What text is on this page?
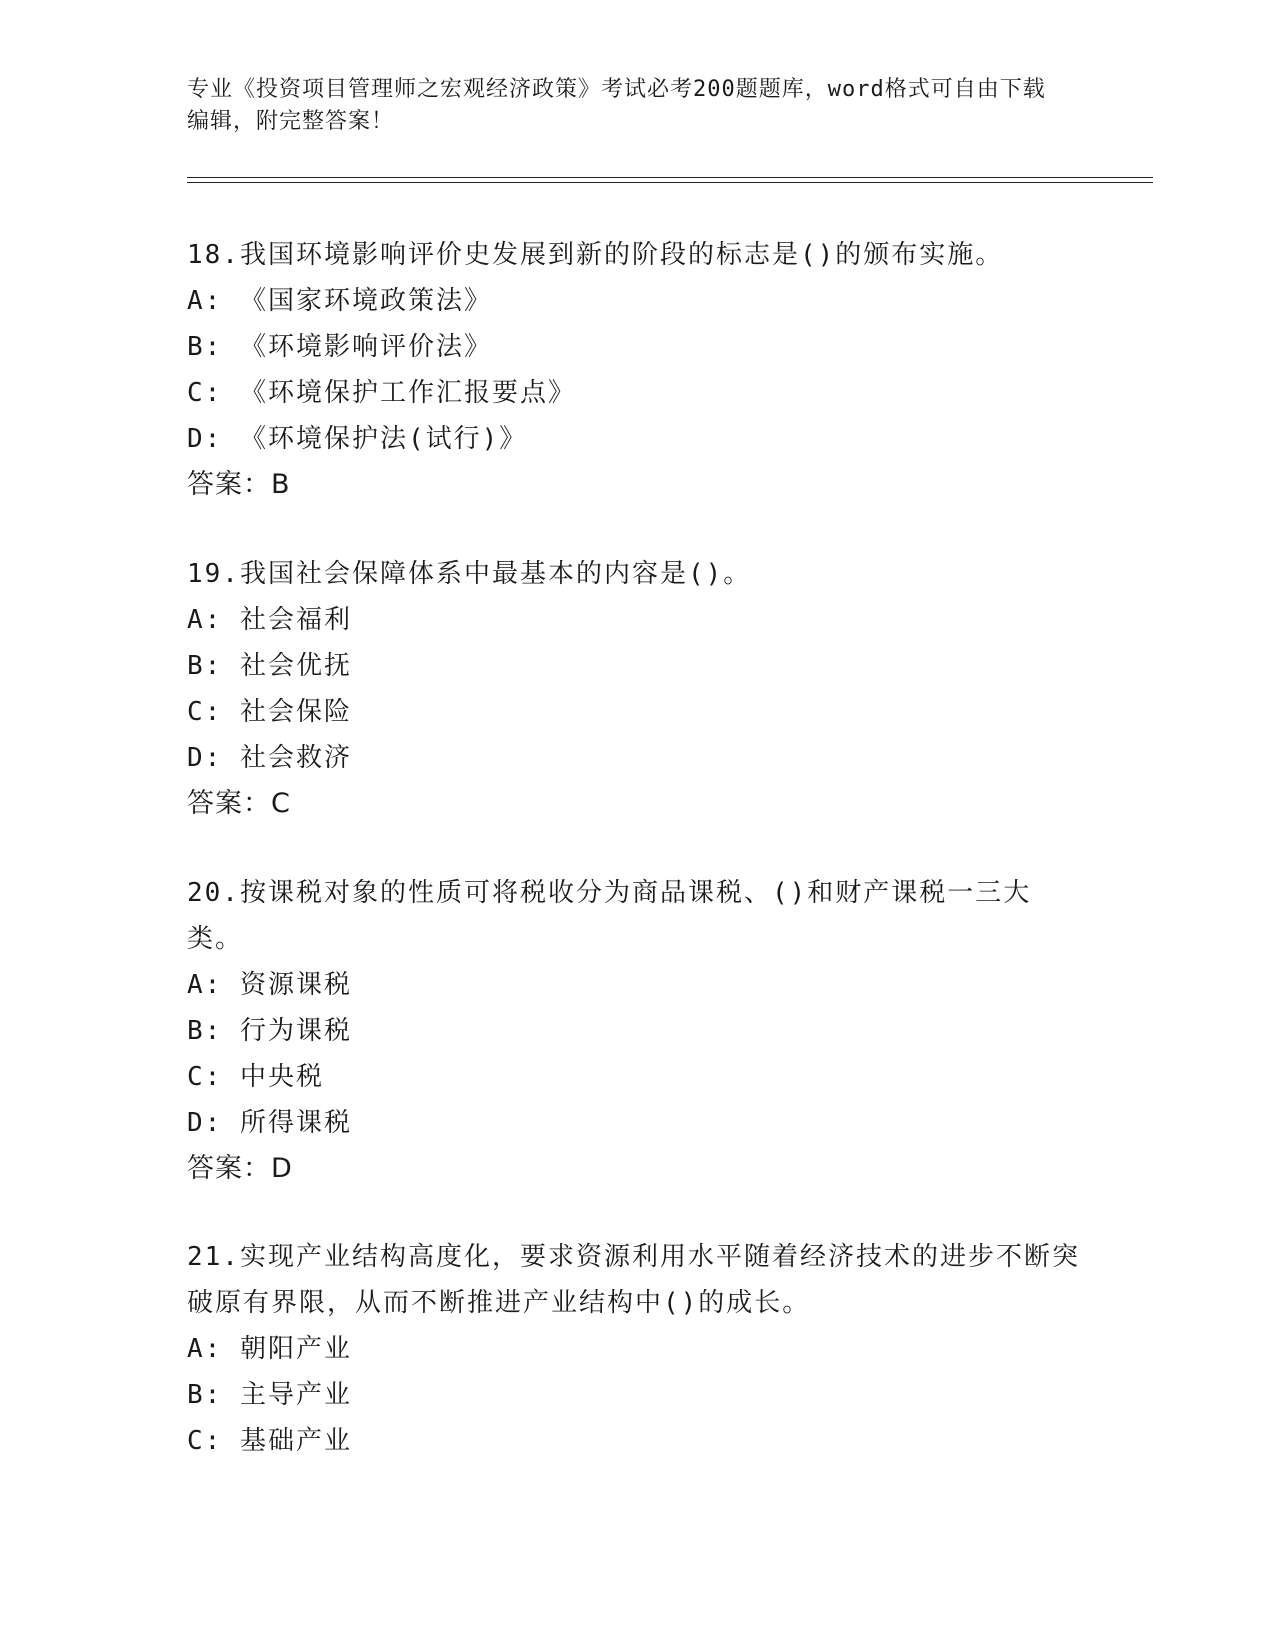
专业《投资项目管理师之宏观经济政策》考试必考200题题库，word格式可自由下载编辑，附完整答案！
18.我国环境影响评价史发展到新的阶段的标志是()的颁布实施。
A: 《国家环境政策法》
B: 《环境影响评价法》
C: 《环境保护工作汇报要点》
D: 《环境保护法(试行)》
答案：B
19.我国社会保障体系中最基本的内容是()。
A: 社会福利
B: 社会优抚
C: 社会保险
D: 社会救济
答案：C
20.按课税对象的性质可将税收分为商品课税、()和财产课税一三大类。
A: 资源课税
B: 行为课税
C: 中央税
D: 所得课税
答案：D
21.实现产业结构高度化，要求资源利用水平随着经济技术的进步不断突破原有界限，从而不断推进产业结构中()的成长。
A: 朝阳产业
B: 主导产业
C: 基础产业
